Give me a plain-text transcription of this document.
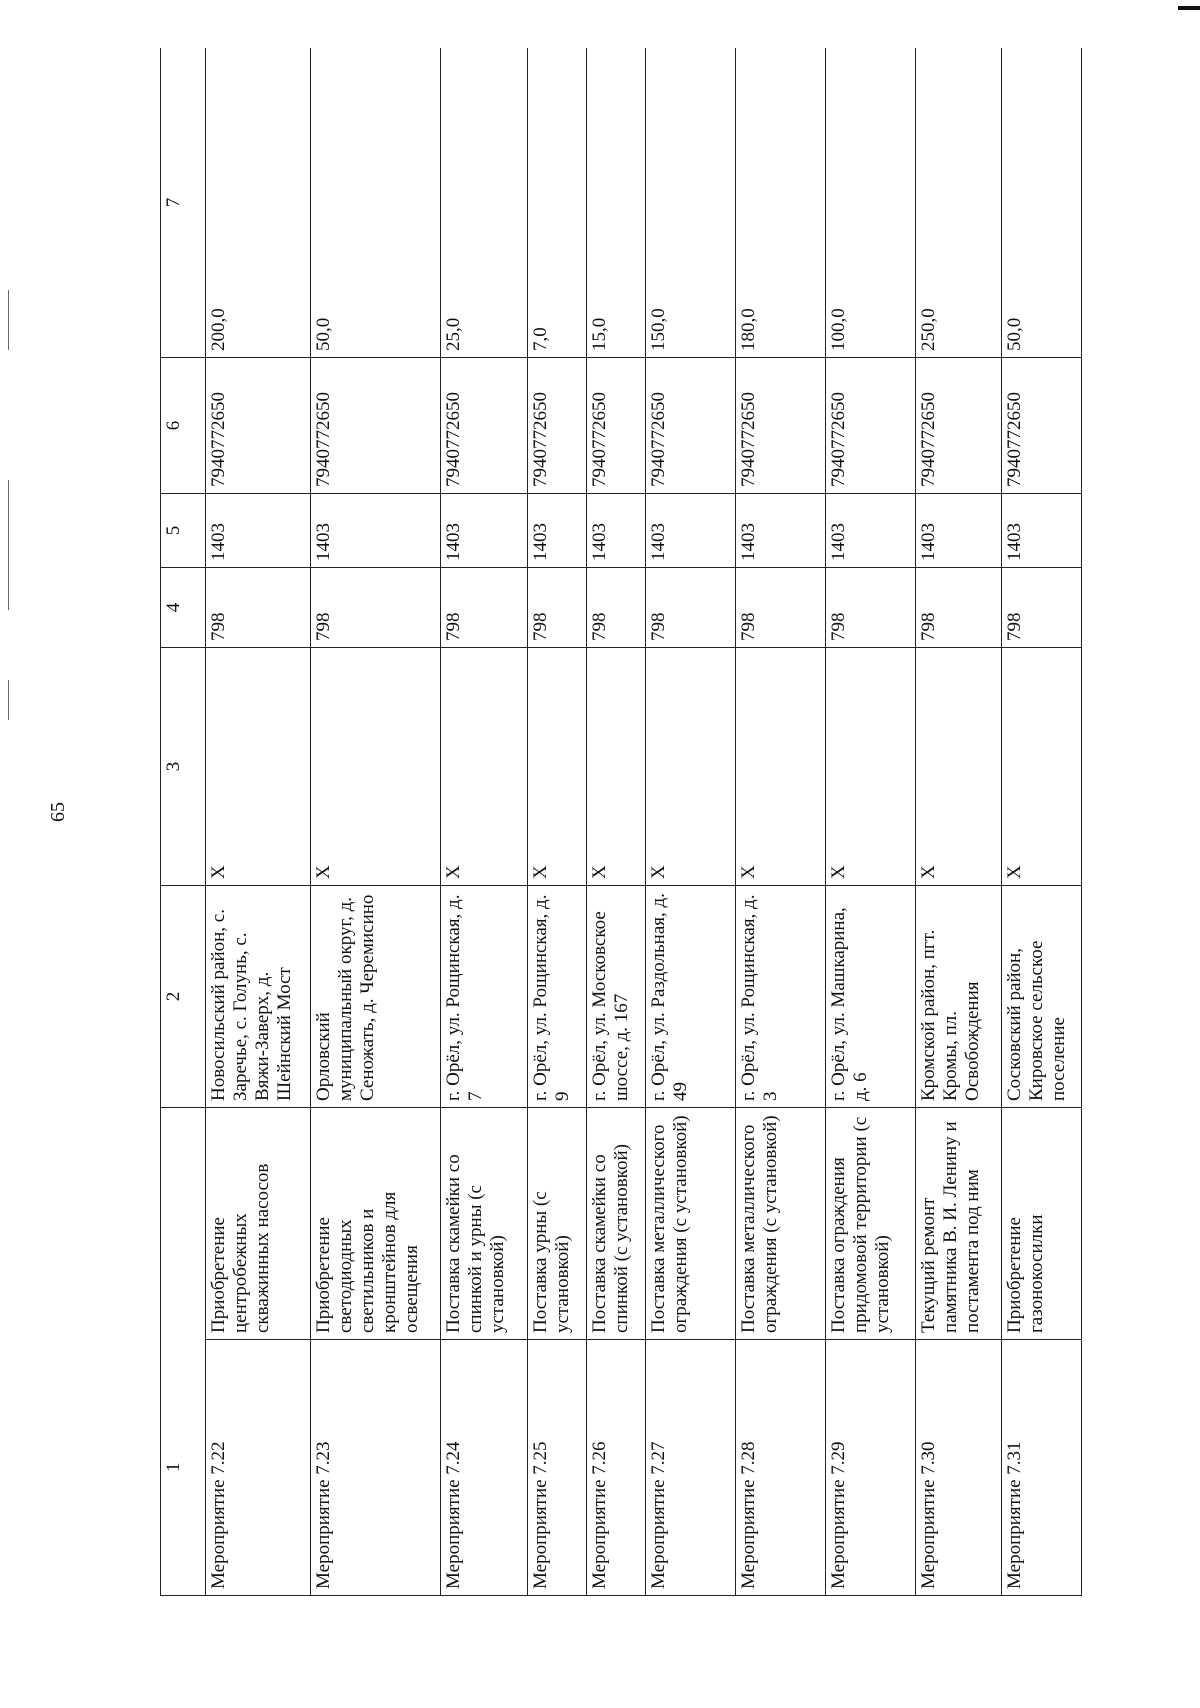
65
1		2	3	4	5	6	7
Мероприятие 7.22	Приобретение центробежных скважинных насосов	Новосильский район, с. Заречье, с. Голунь, с. Вяжи-Заверх, д. Шейнский Мост	Х	798	1403	7940772650	200,0
Мероприятие 7.23	Приобретение светодиодных светильников и кронштейнов для освещения	Орловский муниципальный округ, д. Сеножать, д. Черемисино	Х	798	1403	7940772650	50,0
Мероприятие 7.24	Поставка скамейки со спинкой и урны (с установкой)	г. Орёл, ул. Рощинская, д. 7	Х	798	1403	7940772650	25,0
Мероприятие 7.25	Поставка урны (с установкой)	г. Орёл, ул. Рощинская, д. 9	Х	798	1403	7940772650	7,0
Мероприятие 7.26	Поставка скамейки со спинкой (с установкой)	г. Орёл, ул. Московское шоссе, д. 167	Х	798	1403	7940772650	15,0
Мероприятие 7.27	Поставка металлического ограждения (с установкой)	г. Орёл, ул. Раздольная, д. 49	Х	798	1403	7940772650	150,0
Мероприятие 7.28	Поставка металлического ограждения (с установкой)	г. Орёл, ул. Рощинская, д. 3	Х	798	1403	7940772650	180,0
Мероприятие 7.29	Поставка ограждения придомовой территории (с установкой)	г. Орёл, ул. Машкарина, д. 6	Х	798	1403	7940772650	100,0
Мероприятие 7.30	Текущий ремонт памятника В. И. Ленину и постамента под ним	Кромской район, пгт. Кромы, пл. Освобождения	Х	798	1403	7940772650	250,0
Мероприятие 7.31	Приобретение газонокосилки	Сосковский район, Кировское сельское поселение	Х	798	1403	7940772650	50,0
